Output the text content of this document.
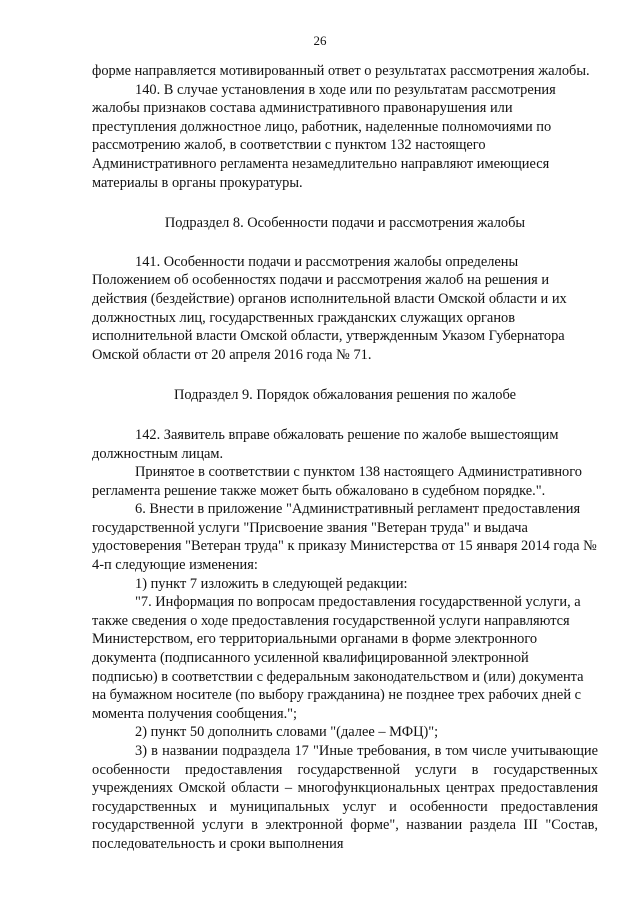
26

форме направляется мотивированный ответ о результатах рассмотрения жалобы.

140. В случае установления в ходе или по результатам рассмотрения жалобы признаков состава административного правонарушения или преступления должностное лицо, работник, наделенные полномочиями по рассмотрению жалоб, в соответствии с пунктом 132 настоящего Административного регламента незамедлительно направляют имеющиеся материалы в органы прокуратуры.

Подраздел 8. Особенности подачи и рассмотрения жалобы

141. Особенности подачи и рассмотрения жалобы определены Положением об особенностях подачи и рассмотрения жалоб на решения и действия (бездействие) органов исполнительной власти Омской области и их должностных лиц, государственных гражданских служащих органов исполнительной власти Омской области, утвержденным Указом Губернатора Омской области от 20 апреля 2016 года № 71.

Подраздел 9. Порядок обжалования решения по жалобе

142. Заявитель вправе обжаловать решение по жалобе вышестоящим должностным лицам.

Принятое в соответствии с пунктом 138 настоящего Административного регламента решение также может быть обжаловано в судебном порядке.".

6. Внести в приложение "Административный регламент предоставления государственной услуги "Присвоение звания "Ветеран труда" и выдача удостоверения "Ветеран труда" к приказу Министерства от 15 января 2014 года № 4-п следующие изменения:

1) пункт 7 изложить в следующей редакции:

"7. Информация по вопросам предоставления государственной услуги, а также сведения о ходе предоставления государственной услуги направляются Министерством, его территориальными органами в форме электронного документа (подписанного усиленной квалифицированной электронной подписью) в соответствии с федеральным законодательством и (или) документа на бумажном носителе (по выбору гражданина) не позднее трех рабочих дней с момента получения сообщения.";

2) пункт 50 дополнить словами "(далее – МФЦ)";

3) в названии подраздела 17 "Иные требования, в том числе учитывающие особенности предоставления государственной услуги в государственных учреждениях Омской области – многофункциональных центрах предоставления государственных и муниципальных услуг и особенности предоставления государственной услуги в электронной форме", названии раздела III "Состав, последовательность и сроки выполнения
